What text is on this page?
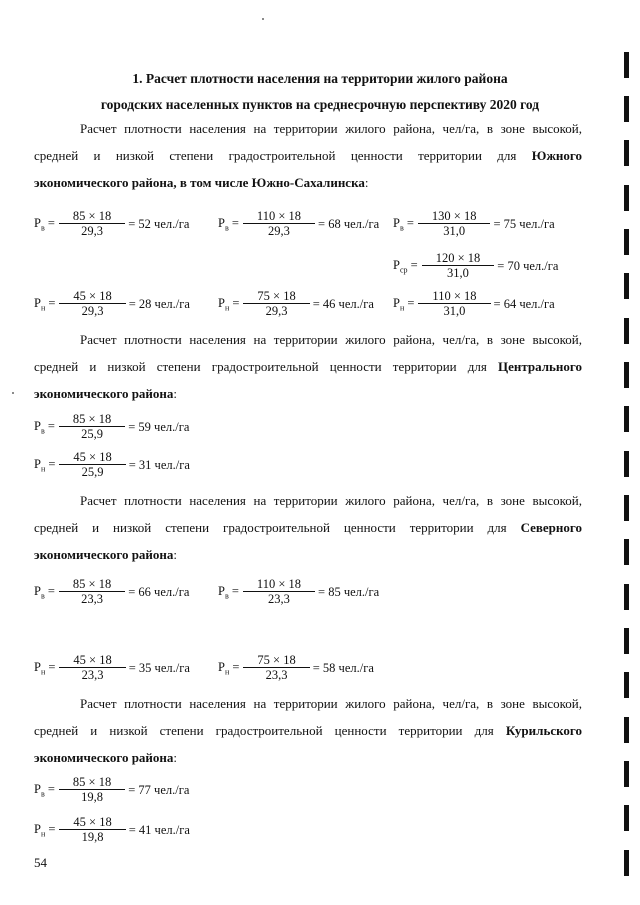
1. Расчет плотности населения на территории жилого района
городских населенных пунктов на среднесрочную перспективу 2020 год

Расчет плотности населения на территории жилого района, чел/га, в зоне высокой, средней и низкой степени градостроительной ценности территории для Южного экономического района, в том числе Южно-Сахалинска:

$P_в = \frac{85 \times 18}{29,3} = 52$ чел./га $P_в = \frac{110 \times 18}{29,3} = 68$ чел./га $P_в = \frac{130 \times 18}{31,0} = 75$ чел./га
$P_{ср} = \frac{120 \times 18}{31,0} = 70$ чел./га
$P_н = \frac{45 \times 18}{29,3} = 28$ чел./га $P_н = \frac{75 \times 18}{29,3} = 46$ чел./га $P_н = \frac{110 \times 18}{31,0} = 64$ чел./га

Расчет плотности населения на территории жилого района, чел/га, в зоне высокой, средней и низкой степени градостроительной ценности территории для Центрального экономического района:

$P_в = \frac{85 \times 18}{25,9} = 59$ чел./га
$P_н = \frac{45 \times 18}{25,9} = 31$ чел./га

Расчет плотности населения на территории жилого района, чел/га, в зоне высокой, средней и низкой степени градостроительной ценности территории для Северного экономического района:

$P_в = \frac{85 \times 18}{23,3} = 66$ чел./га $P_в = \frac{110 \times 18}{23,3} = 85$ чел./га
$P_н = \frac{45 \times 18}{23,3} = 35$ чел./га $P_н = \frac{75 \times 18}{23,3} = 58$ чел./га

Расчет плотности населения на территории жилого района, чел/га, в зоне высокой, средней и низкой степени градостроительной ценности территории для Курильского экономического района:

$P_в = \frac{85 \times 18}{19,8} = 77$ чел./га
$P_н = \frac{45 \times 18}{19,8} = 41$ чел./га
54
